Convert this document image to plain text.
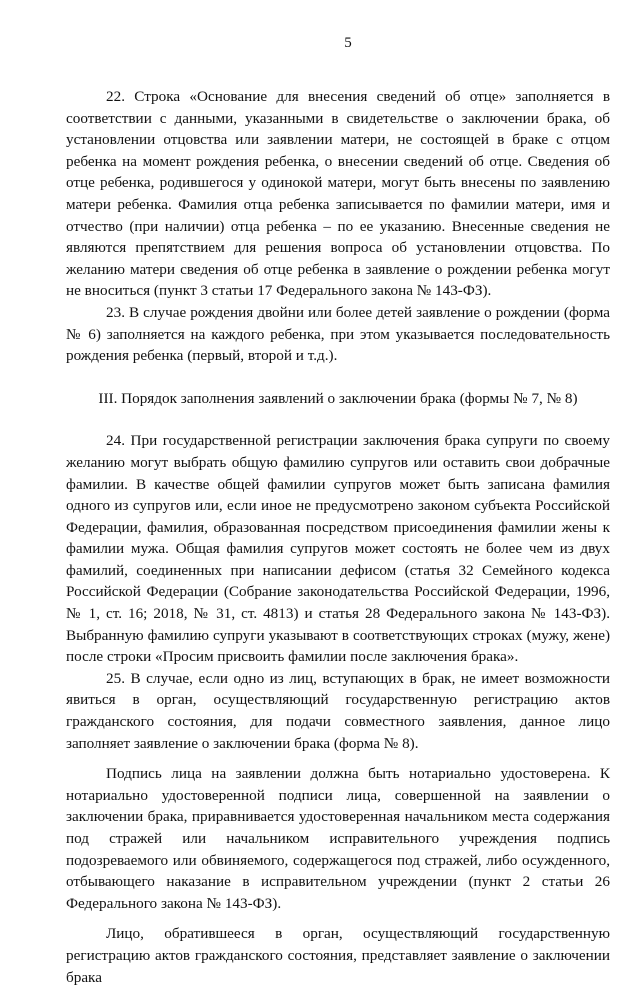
5

22. Строка «Основание для внесения сведений об отце» заполняется в соответствии с данными, указанными в свидетельстве о заключении брака, об установлении отцовства или заявлении матери, не состоящей в браке с отцом ребенка на момент рождения ребенка, о внесении сведений об отце. Сведения об отце ребенка, родившегося у одинокой матери, могут быть внесены по заявлению матери ребенка. Фамилия отца ребенка записывается по фамилии матери, имя и отчество (при наличии) отца ребенка – по ее указанию. Внесенные сведения не являются препятствием для решения вопроса об установлении отцовства. По желанию матери сведения об отце ребенка в заявление о рождении ребенка могут не вноситься (пункт 3 статьи 17 Федерального закона № 143-ФЗ).

23. В случае рождения двойни или более детей заявление о рождении (форма № 6) заполняется на каждого ребенка, при этом указывается последовательность рождения ребенка (первый, второй и т.д.).

III. Порядок заполнения заявлений о заключении брака (формы № 7, № 8)

24. При государственной регистрации заключения брака супруги по своему желанию могут выбрать общую фамилию супругов или оставить свои добрачные фамилии. В качестве общей фамилии супругов может быть записана фамилия одного из супругов или, если иное не предусмотрено законом субъекта Российской Федерации, фамилия, образованная посредством присоединения фамилии жены к фамилии мужа. Общая фамилия супругов может состоять не более чем из двух фамилий, соединенных при написании дефисом (статья 32 Семейного кодекса Российской Федерации (Собрание законодательства Российской Федерации, 1996, № 1, ст. 16; 2018, № 31, ст. 4813) и статья 28 Федерального закона № 143-ФЗ). Выбранную фамилию супруги указывают в соответствующих строках (мужу, жене) после строки «Просим присвоить фамилии после заключения брака».

25. В случае, если одно из лиц, вступающих в брак, не имеет возможности явиться в орган, осуществляющий государственную регистрацию актов гражданского состояния, для подачи совместного заявления, данное лицо заполняет заявление о заключении брака (форма № 8).

Подпись лица на заявлении должна быть нотариально удостоверена. К нотариально удостоверенной подписи лица, совершенной на заявлении о заключении брака, приравнивается удостоверенная начальником места содержания под стражей или начальником исправительного учреждения подпись подозреваемого или обвиняемого, содержащегося под стражей, либо осужденного, отбывающего наказание в исправительном учреждении (пункт 2 статьи 26 Федерального закона № 143-ФЗ).

Лицо, обратившееся в орган, осуществляющий государственную регистрацию актов гражданского состояния, представляет заявление о заключении брака
